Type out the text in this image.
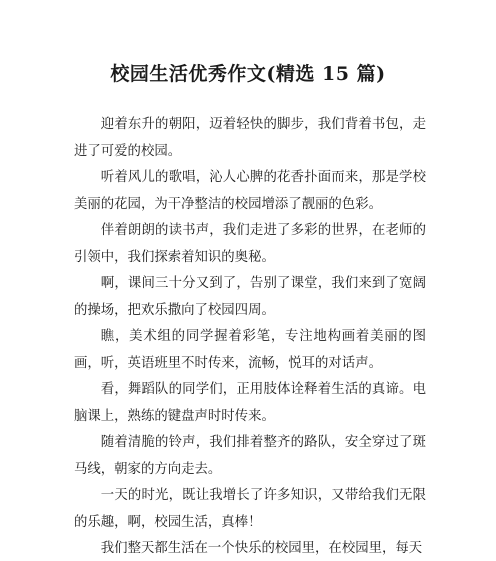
校园生活优秀作文(精选 15 篇)

迎着东升的朝阳，迈着轻快的脚步，我们背着书包，走进了可爱的校园。

听着风儿的歌唱，沁人心脾的花香扑面而来，那是学校美丽的花园，为干净整洁的校园增添了靓丽的色彩。

伴着朗朗的读书声，我们走进了多彩的世界，在老师的引领中，我们探索着知识的奥秘。

啊，课间三十分又到了，告别了课堂，我们来到了宽阔的操场，把欢乐撒向了校园四周。

瞧，美术组的同学握着彩笔，专注地构画着美丽的图画，听，英语班里不时传来，流畅，悦耳的对话声。

看，舞蹈队的同学们，正用肢体诠释着生活的真谛。电脑课上，熟练的键盘声时时传来。

随着清脆的铃声，我们排着整齐的路队，安全穿过了斑马线，朝家的方向走去。

一天的时光，既让我增长了许多知识，又带给我们无限的乐趣，啊，校园生活，真棒！

我们整天都生活在一个快乐的校园里，在校园里，每天
